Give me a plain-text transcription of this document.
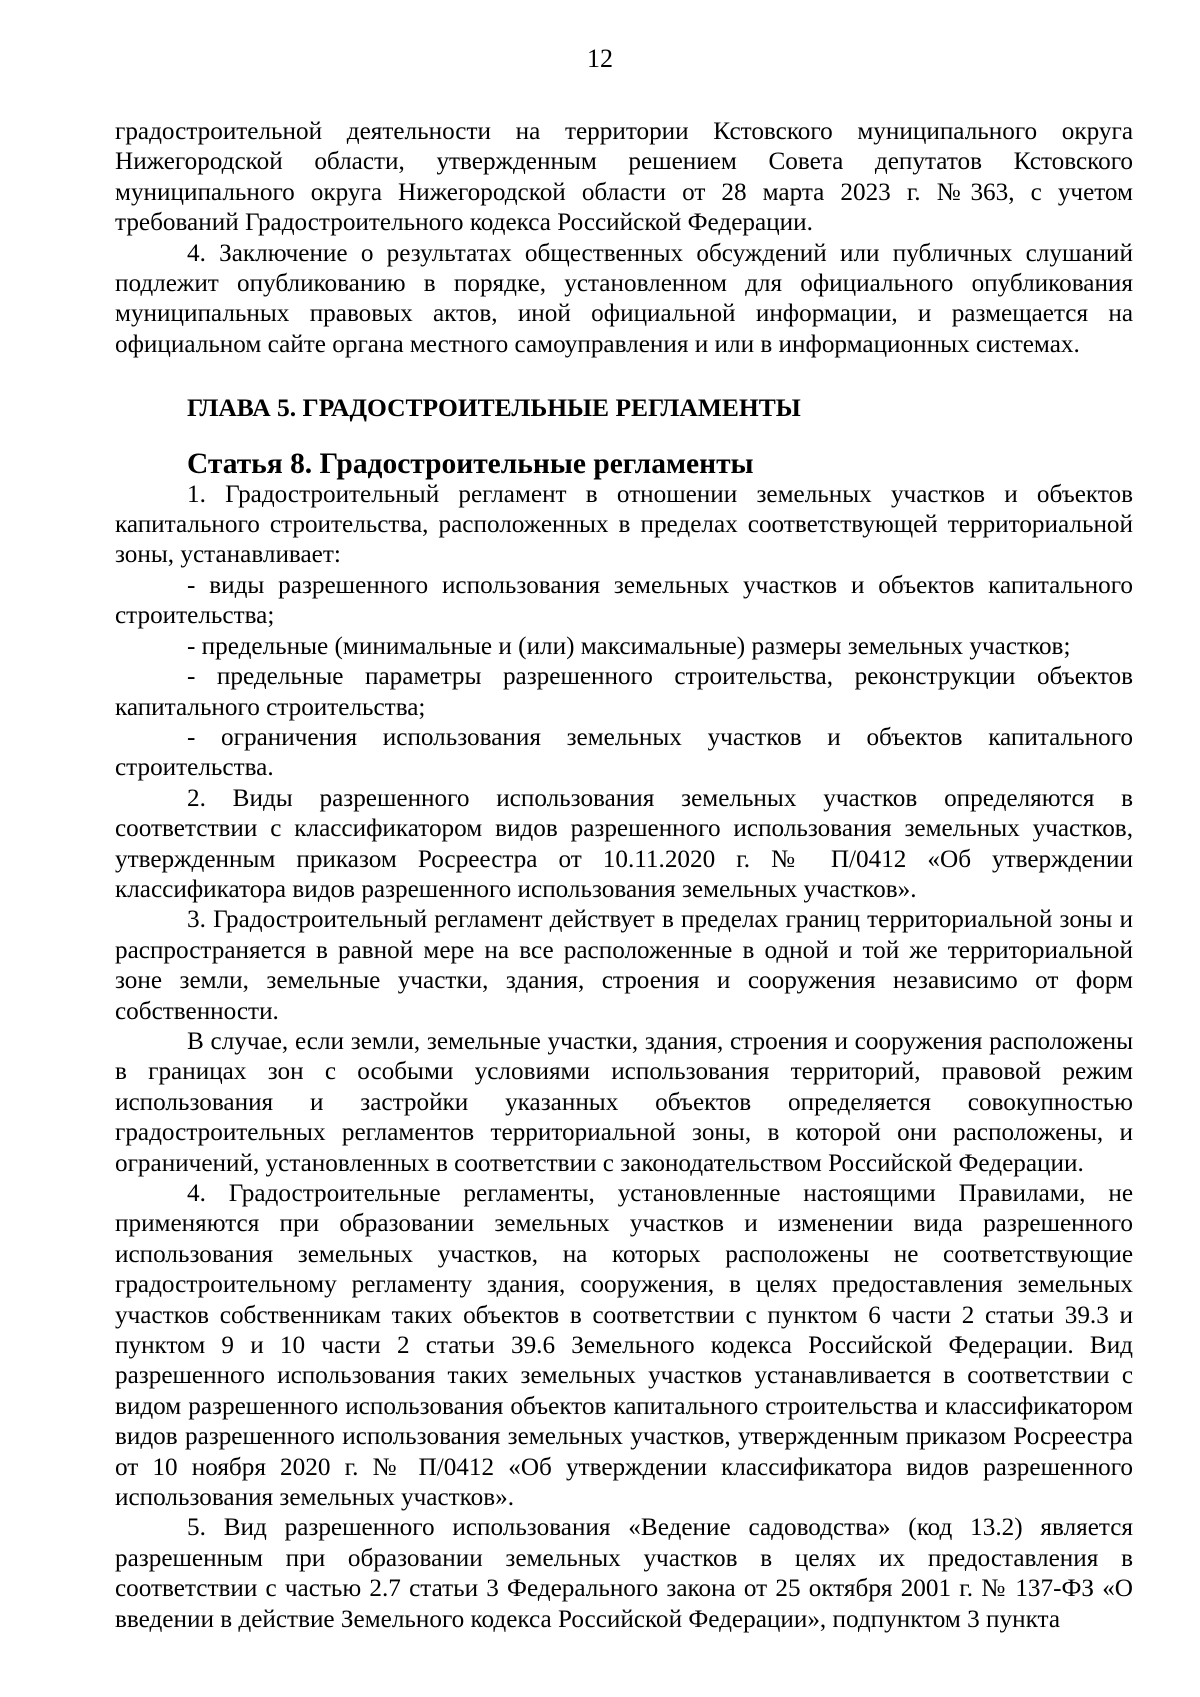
12

градостроительной деятельности на территории Кстовского муниципального округа Нижегородской области, утвержденным решением Совета депутатов Кстовского муниципального округа Нижегородской области от 28 марта 2023 г. №363, с учетом требований Градостроительного кодекса Российской Федерации.

4. Заключение о результатах общественных обсуждений или публичных слушаний подлежит опубликованию в порядке, установленном для официального опубликования муниципальных правовых актов, иной официальной информации, и размещается на официальном сайте органа местного самоуправления и или в информационных системах.

ГЛАВА 5. ГРАДОСТРОИТЕЛЬНЫЕ РЕГЛАМЕНТЫ
Статья 8. Градостроительные регламенты

1. Градостроительный регламент в отношении земельных участков и объектов капитального строительства, расположенных в пределах соответствующей территориальной зоны, устанавливает:

- виды разрешенного использования земельных участков и объектов капитального строительства;

- предельные (минимальные и (или) максимальные) размеры земельных участков;

- предельные параметры разрешенного строительства, реконструкции объектов капитального строительства;

- ограничения использования земельных участков и объектов капитального строительства.

2. Виды разрешенного использования земельных участков определяются в соответствии с классификатором видов разрешенного использования земельных участков, утвержденным приказом Росреестра от 10.11.2020 г. № П/0412 «Об утверждении классификатора видов разрешенного использования земельных участков».

3. Градостроительный регламент действует в пределах границ территориальной зоны и распространяется в равной мере на все расположенные в одной и той же территориальной зоне земли, земельные участки, здания, строения и сооружения независимо от форм собственности.

В случае, если земли, земельные участки, здания, строения и сооружения расположены в границах зон с особыми условиями использования территорий, правовой режим использования и застройки указанных объектов определяется совокупностью градостроительных регламентов территориальной зоны, в которой они расположены, и ограничений, установленных в соответствии с законодательством Российской Федерации.

4. Градостроительные регламенты, установленные настоящими Правилами, не применяются при образовании земельных участков и изменении вида разрешенного использования земельных участков, на которых расположены не соответствующие градостроительному регламенту здания, сооружения, в целях предоставления земельных участков собственникам таких объектов в соответствии с пунктом 6 части 2 статьи 39.3 и пунктом 9 и 10 части 2 статьи 39.6 Земельного кодекса Российской Федерации. Вид разрешенного использования таких земельных участков устанавливается в соответствии с видом разрешенного использования объектов капитального строительства и классификатором видов разрешенного использования земельных участков, утвержденным приказом Росреестра от 10 ноября 2020 г. № П/0412 «Об утверждении классификатора видов разрешенного использования земельных участков».

5. Вид разрешенного использования «Ведение садоводства» (код 13.2) является разрешенным при образовании земельных участков в целях их предоставления в соответствии с частью 2.7 статьи 3 Федерального закона от 25 октября 2001 г. № 137-ФЗ «О введении в действие Земельного кодекса Российской Федерации», подпунктом 3 пункта
